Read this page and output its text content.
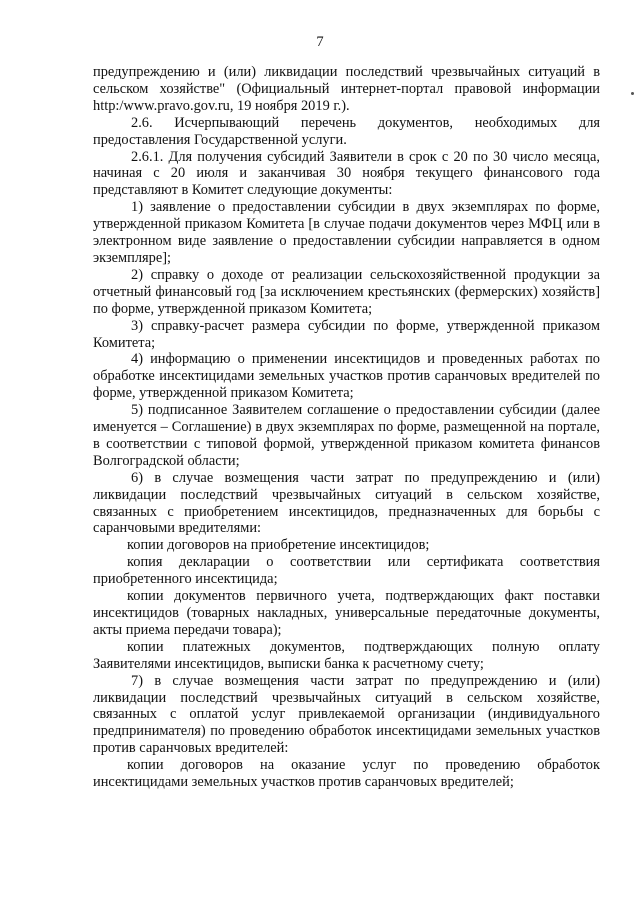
7

предупреждению и (или) ликвидации последствий чрезвычайных ситуаций в сельском хозяйстве" (Официальный интернет-портал правовой информации http:/www.pravo.gov.ru, 19 ноября 2019 г.).

2.6. Исчерпывающий перечень документов, необходимых для предоставления Государственной услуги.

2.6.1. Для получения субсидий Заявители в срок с 20 по 30 число месяца, начиная с 20 июля и заканчивая 30 ноября текущего финансового года представляют в Комитет следующие документы:

1) заявление о предоставлении субсидии в двух экземплярах по форме, утвержденной приказом Комитета [в случае подачи документов через МФЦ или в электронном виде заявление о предоставлении субсидии направляется в одном экземпляре];

2) справку о доходе от реализации сельскохозяйственной продукции за отчетный финансовый год [за исключением крестьянских (фермерских) хозяйств] по форме, утвержденной приказом Комитета;

3) справку-расчет размера субсидии по форме, утвержденной приказом Комитета;

4) информацию о применении инсектицидов и проведенных работах по обработке инсектицидами земельных участков против саранчовых вредителей по форме, утвержденной приказом Комитета;

5) подписанное Заявителем соглашение о предоставлении субсидии (далее именуется – Соглашение) в двух экземплярах по форме, размещенной на портале, в соответствии с типовой формой, утвержденной приказом комитета финансов Волгоградской области;

6) в случае возмещения части затрат по предупреждению и (или) ликвидации последствий чрезвычайных ситуаций в сельском хозяйстве, связанных с приобретением инсектицидов, предназначенных для борьбы с саранчовыми вредителями:

копии договоров на приобретение инсектицидов;

копия декларации о соответствии или сертификата соответствия приобретенного инсектицида;

копии документов первичного учета, подтверждающих факт поставки инсектицидов (товарных накладных, универсальные передаточные документы, акты приема передачи товара);

копии платежных документов, подтверждающих полную оплату Заявителями инсектицидов, выписки банка к расчетному счету;

7) в случае возмещения части затрат по предупреждению и (или) ликвидации последствий чрезвычайных ситуаций в сельском хозяйстве, связанных с оплатой услуг привлекаемой организации (индивидуального предпринимателя) по проведению обработок инсектицидами земельных участков против саранчовых вредителей:

копии договоров на оказание услуг по проведению обработок инсектицидами земельных участков против саранчовых вредителей;
